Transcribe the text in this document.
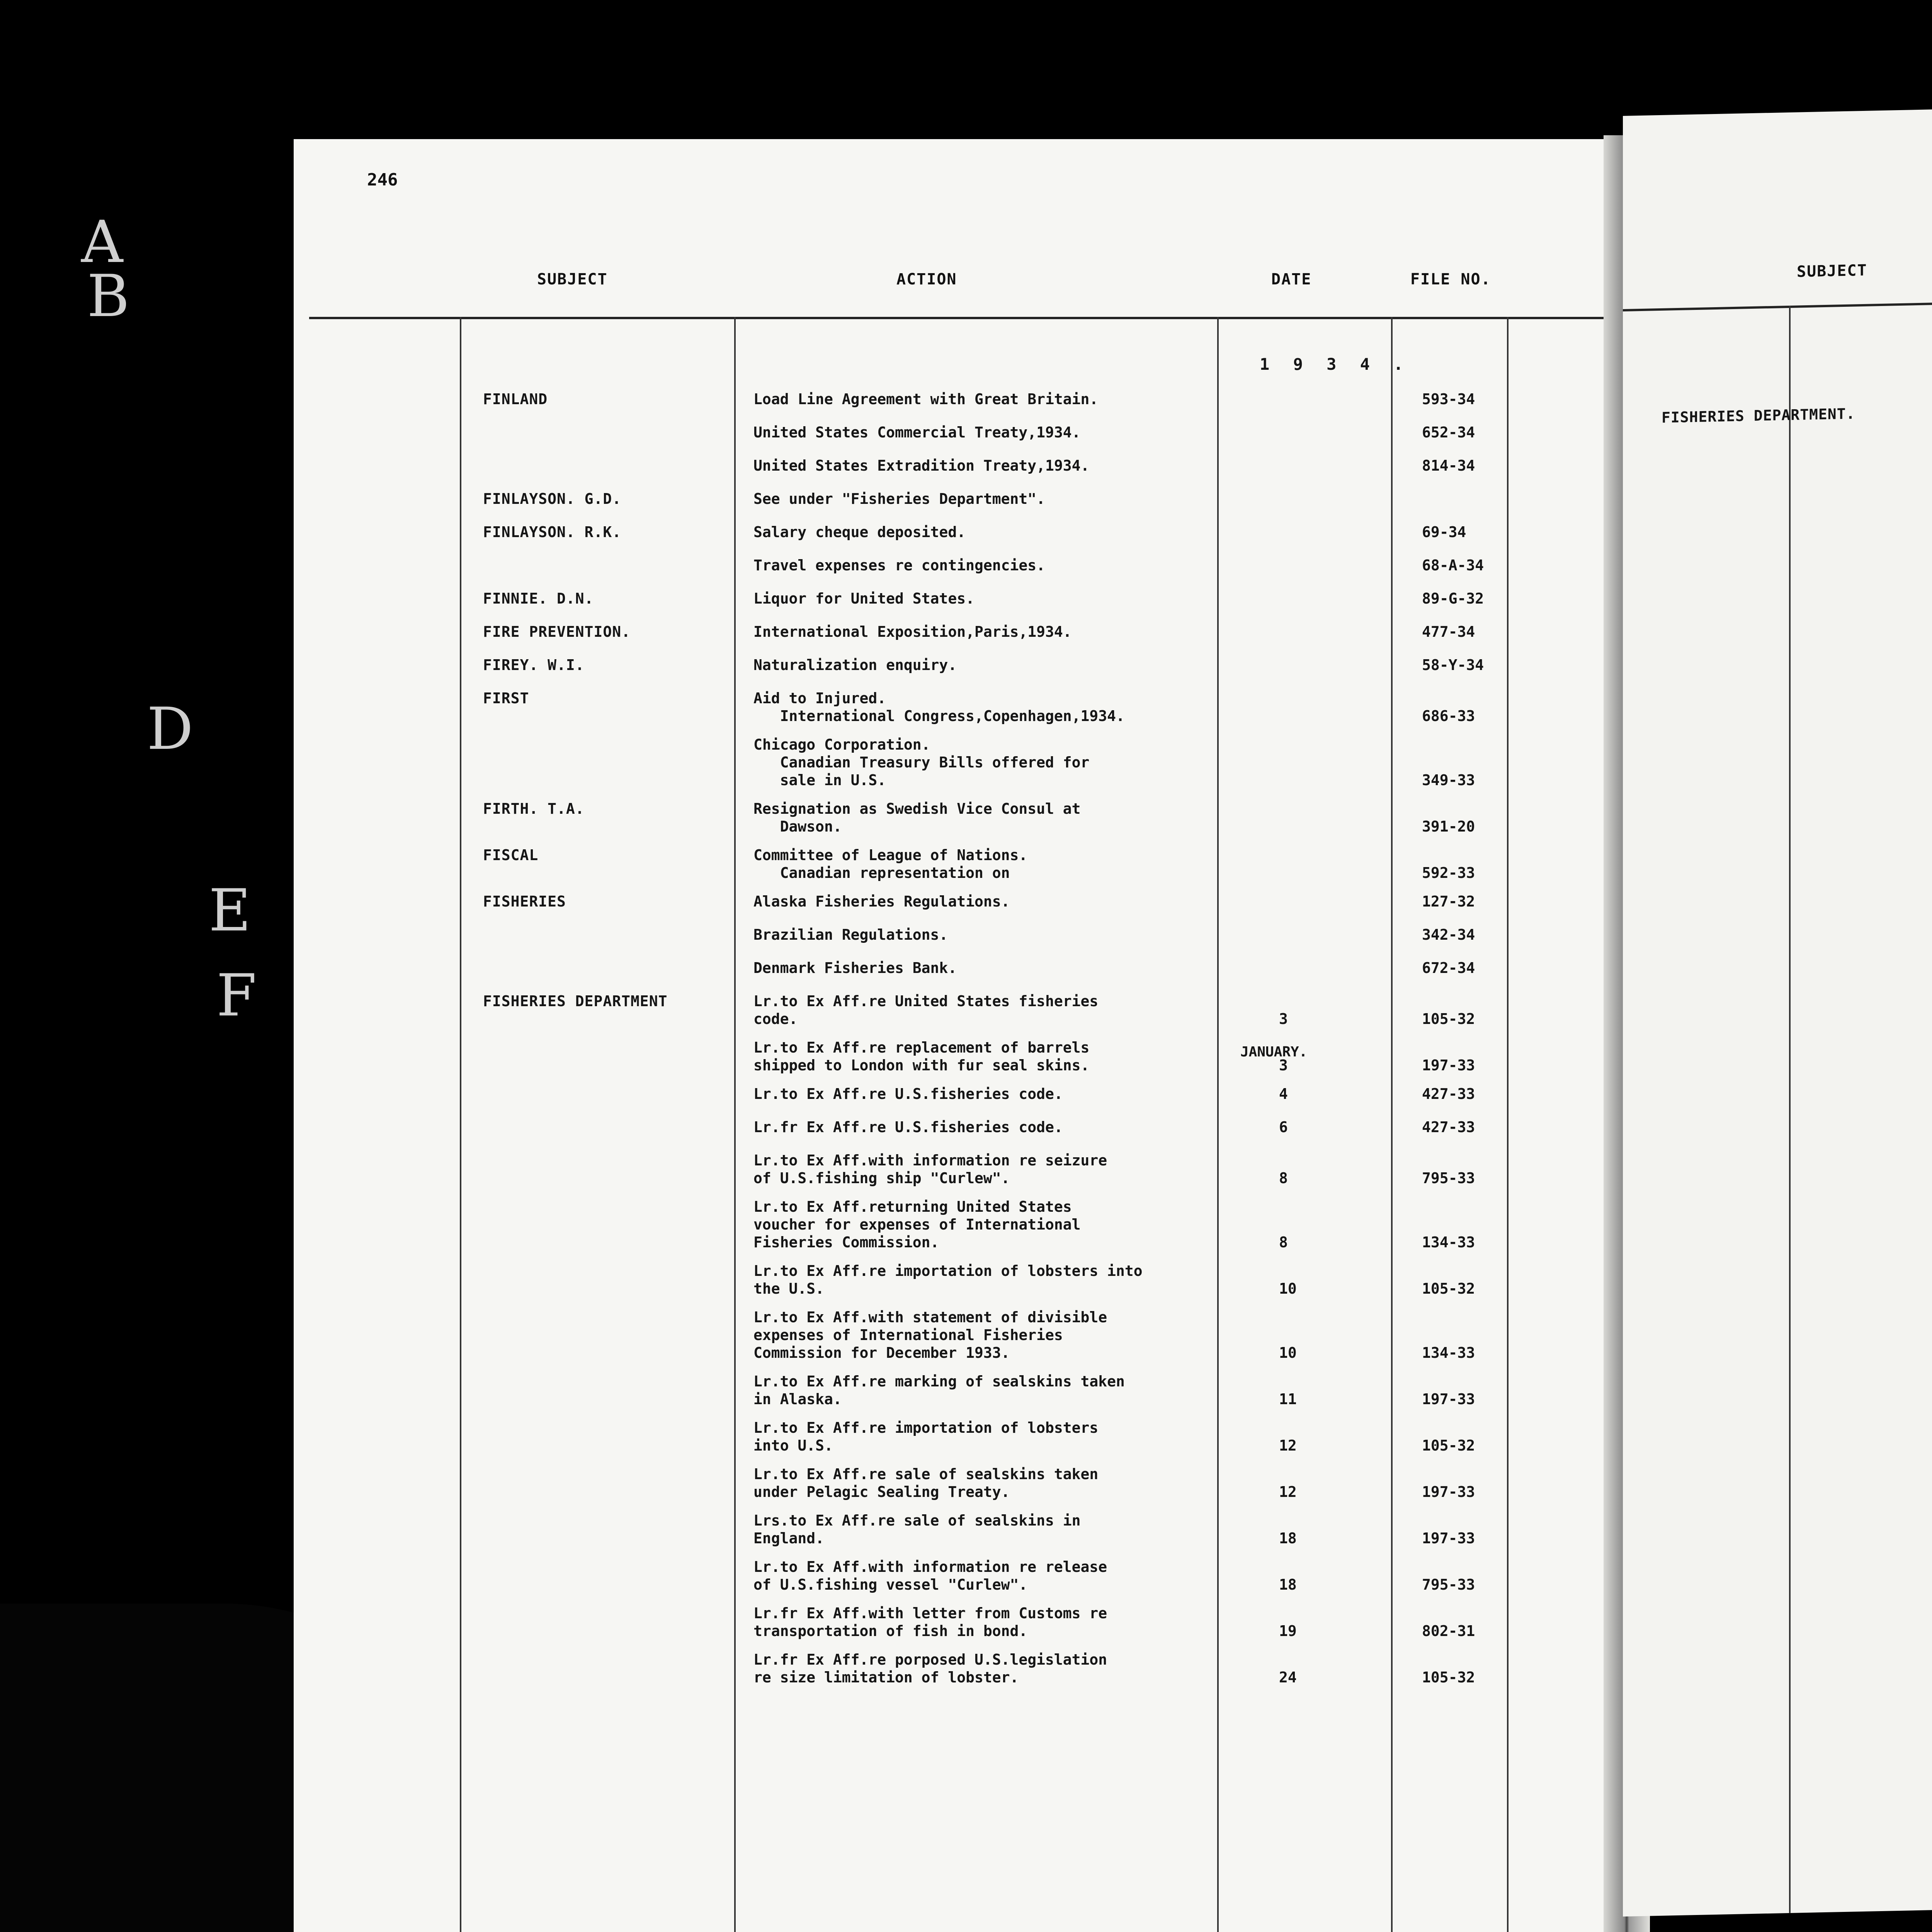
A
B
D
E
F
246
SUBJECT	ACTION	DATE	FILE NO.
1 9 3 4 .
JANUARY.
FINLAND	Load Line Agreement with Great Britain.	593-34
United States Commercial Treaty,1934.	652-34
United States Extradition Treaty,1934.	814-34
FINLAYSON. G.D.	See under "Fisheries Department".
FINLAYSON. R.K.	Salary cheque deposited.	69-34
Travel expenses re contingencies.	68-A-34
FINNIE. D.N.	Liquor for United States.	89-G-32
FIRE PREVENTION.	International Exposition,Paris,1934.	477-34
FIREY. W.I.	Naturalization enquiry.	58-Y-34
FIRST	Aid to Injured.
International Congress,Copenhagen,1934.	686-33
Chicago Corporation.
Canadian Treasury Bills offered for
sale in U.S.	349-33
FIRTH. T.A.	Resignation as Swedish Vice Consul at
Dawson.	391-20
FISCAL	Committee of League of Nations.
Canadian representation on	592-33
FISHERIES	Alaska Fisheries Regulations.	127-32
Brazilian Regulations.	342-34
Denmark Fisheries Bank.	672-34
FISHERIES DEPARTMENT	Lr.to Ex Aff.re United States fisheries
code.	3	105-32
Lr.to Ex Aff.re replacement of barrels
shipped to London with fur seal skins.	3	197-33
Lr.to Ex Aff.re U.S.fisheries code.	4	427-33
Lr.fr Ex Aff.re U.S.fisheries code.	6	427-33
Lr.to Ex Aff.with information re seizure
of U.S.fishing ship "Curlew".	8	795-33
Lr.to Ex Aff.returning United States
voucher for expenses of International
Fisheries Commission.	8	134-33
Lr.to Ex Aff.re importation of lobsters into
the U.S.	10	105-32
Lr.to Ex Aff.with statement of divisible
expenses of International Fisheries
Commission for December 1933.	10	134-33
Lr.to Ex Aff.re marking of sealskins taken
in Alaska.	11	197-33
Lr.to Ex Aff.re importation of lobsters
into U.S.	12	105-32
Lr.to Ex Aff.re sale of sealskins taken
under Pelagic Sealing Treaty.	12	197-33
Lrs.to Ex Aff.re sale of sealskins in
England.	18	197-33
Lr.to Ex Aff.with information re release
of U.S.fishing vessel "Curlew".	18	795-33
Lr.fr Ex Aff.with letter from Customs re
transportation of fish in bond.	19	802-31
Lr.fr Ex Aff.re porposed U.S.legislation
re size limitation of lobster.	24	105-32
SUBJECT
FISHERIES DEPARTMENT.
